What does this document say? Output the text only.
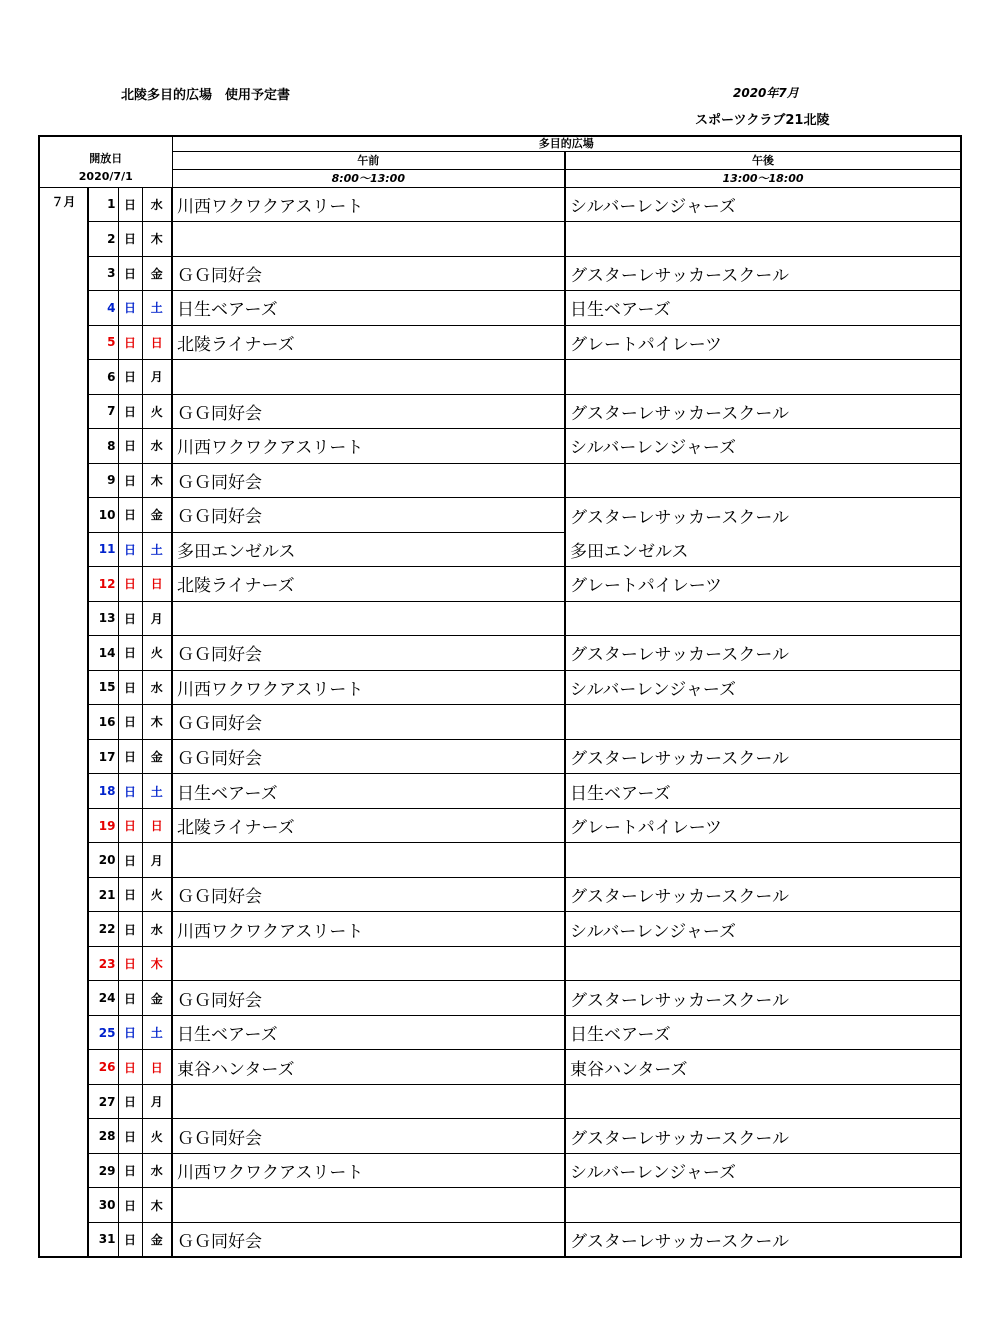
北陵多目的広場　使用予定書	2020年7月
スポーツクラブ21北陵
開放日
2020/7/1				多目的広場	
				午前	午後
				8:00～13:00	13:00～18:00

７月	1	日	水	川西ワクワクアスリート	シルバーレンジャーズ
	2	日	木		
	3	日	金	ＧＧ同好会	グスターレサッカースクール
	4	日	土	日生ベアーズ	日生ベアーズ
	5	日	日	北陵ライナーズ	グレートパイレーツ
	6	日	月		
	7	日	火	ＧＧ同好会	グスターレサッカースクール
	8	日	水	川西ワクワクアスリート	シルバーレンジャーズ
	9	日	木	ＧＧ同好会	
	10	日	金	ＧＧ同好会	グスターレサッカースクール
	11	日	土	多田エンゼルス	多田エンゼルス
	12	日	日	北陵ライナーズ	グレートパイレーツ
	13	日	月		
	14	日	火	ＧＧ同好会	グスターレサッカースクール
	15	日	水	川西ワクワクアスリート	シルバーレンジャーズ
	16	日	木	ＧＧ同好会	
	17	日	金	ＧＧ同好会	グスターレサッカースクール
	18	日	土	日生ベアーズ	日生ベアーズ
	19	日	日	北陵ライナーズ	グレートパイレーツ
	20	日	月		
	21	日	火	ＧＧ同好会	グスターレサッカースクール
	22	日	水	川西ワクワクアスリート	シルバーレンジャーズ
	23	日	木		
	24	日	金	ＧＧ同好会	グスターレサッカースクール
	25	日	土	日生ベアーズ	日生ベアーズ
	26	日	日	東谷ハンターズ	東谷ハンターズ
	27	日	月		
	28	日	火	ＧＧ同好会	グスターレサッカースクール
	29	日	水	川西ワクワクアスリート	シルバーレンジャーズ
	30	日	木		
	31	日	金	ＧＧ同好会	グスターレサッカースクール
